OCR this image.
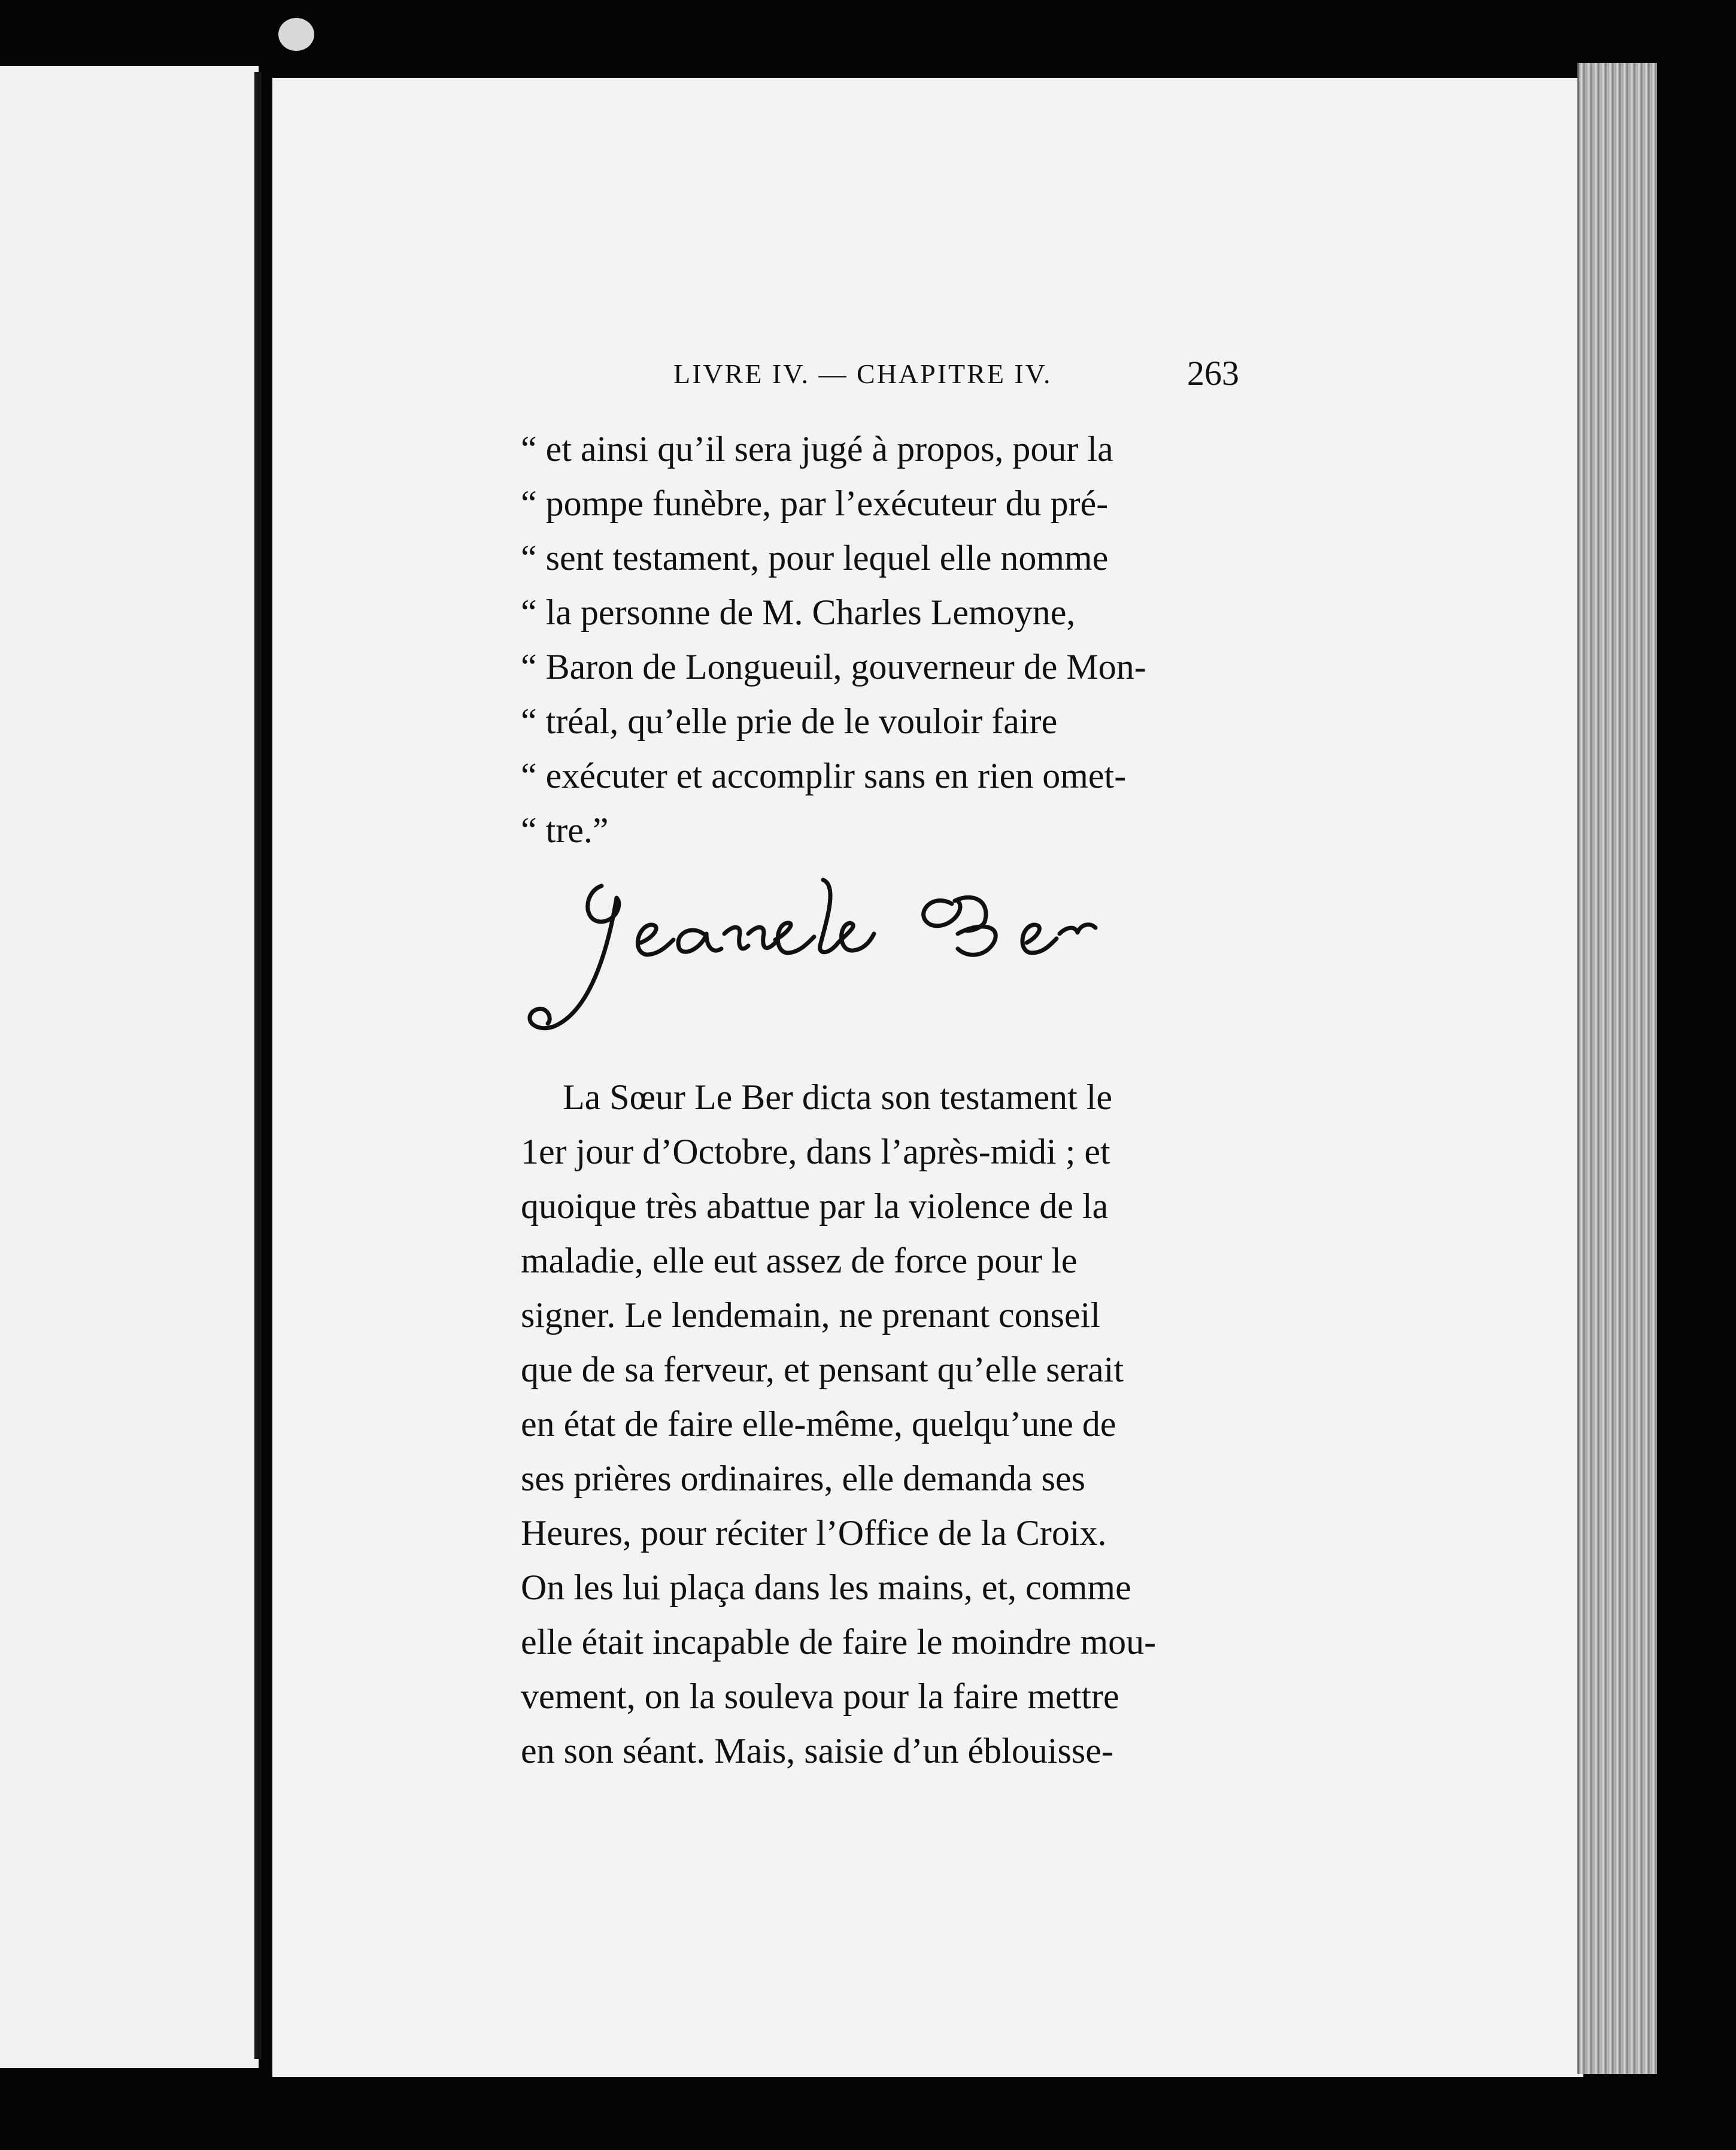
LIVRE IV. — CHAPITRE IV.	263
“ et ainsi qu’il sera jugé à propos, pour la
“ pompe funèbre, par l’exécuteur du pré-
“ sent testament, pour lequel elle nomme
“ la personne de M. Charles Lemoyne,
“ Baron de Longueuil, gouverneur de Mon-
“ tréal, qu’elle prie de le vouloir faire
“ exécuter et accomplir sans en rien omet-
“ tre.”
La Sœur Le Ber dicta son testament le
1er jour d’Octobre, dans l’après-midi ; et
quoique très abattue par la violence de la
maladie, elle eut assez de force pour le
signer. Le lendemain, ne prenant conseil
que de sa ferveur, et pensant qu’elle serait
en état de faire elle-même, quelqu’une de
ses prières ordinaires, elle demanda ses
Heures, pour réciter l’Office de la Croix.
On les lui plaça dans les mains, et, comme
elle était incapable de faire le moindre mou-
vement, on la souleva pour la faire mettre
en son séant. Mais, saisie d’un éblouisse-
